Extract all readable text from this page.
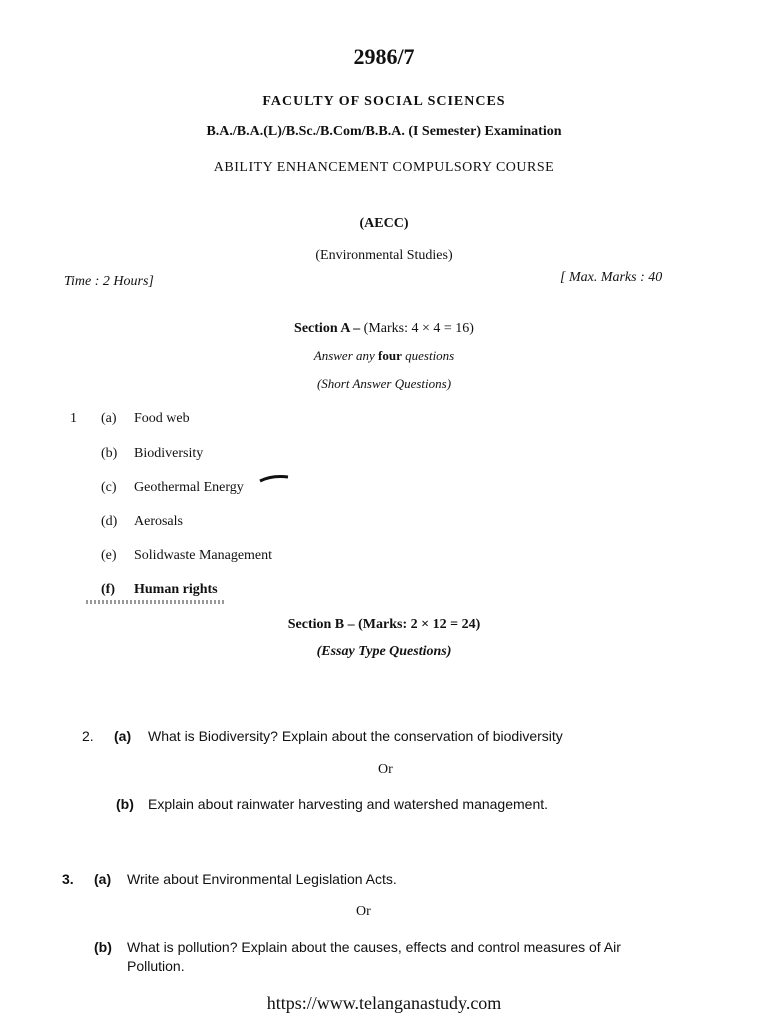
2986/7
FACULTY OF SOCIAL SCIENCES
B.A./B.A.(L)/B.Sc./B.Com/B.B.A. (I Semester) Examination
ABILITY ENHANCEMENT COMPULSORY COURSE
(AECC)
(Environmental Studies)
Time : 2 Hours]	[ Max. Marks : 40
Section A – (Marks: 4 × 4 = 16)
Answer any four questions
(Short Answer Questions)
1 (a) Food web
(b) Biodiversity
(c) Geothermal Energy
(d) Aerosals
(e) Solidwaste Management
(f) Human rights
Section B – (Marks: 2 × 12 = 24)
(Essay Type Questions)
2. (a) What is Biodiversity? Explain about the conservation of biodiversity
Or
(b) Explain about rainwater harvesting and watershed management.
3. (a) Write about Environmental Legislation Acts.
Or
(b) What is pollution? Explain about the causes, effects and control measures of Air
Pollution.
https://www.telanganastudy.com
